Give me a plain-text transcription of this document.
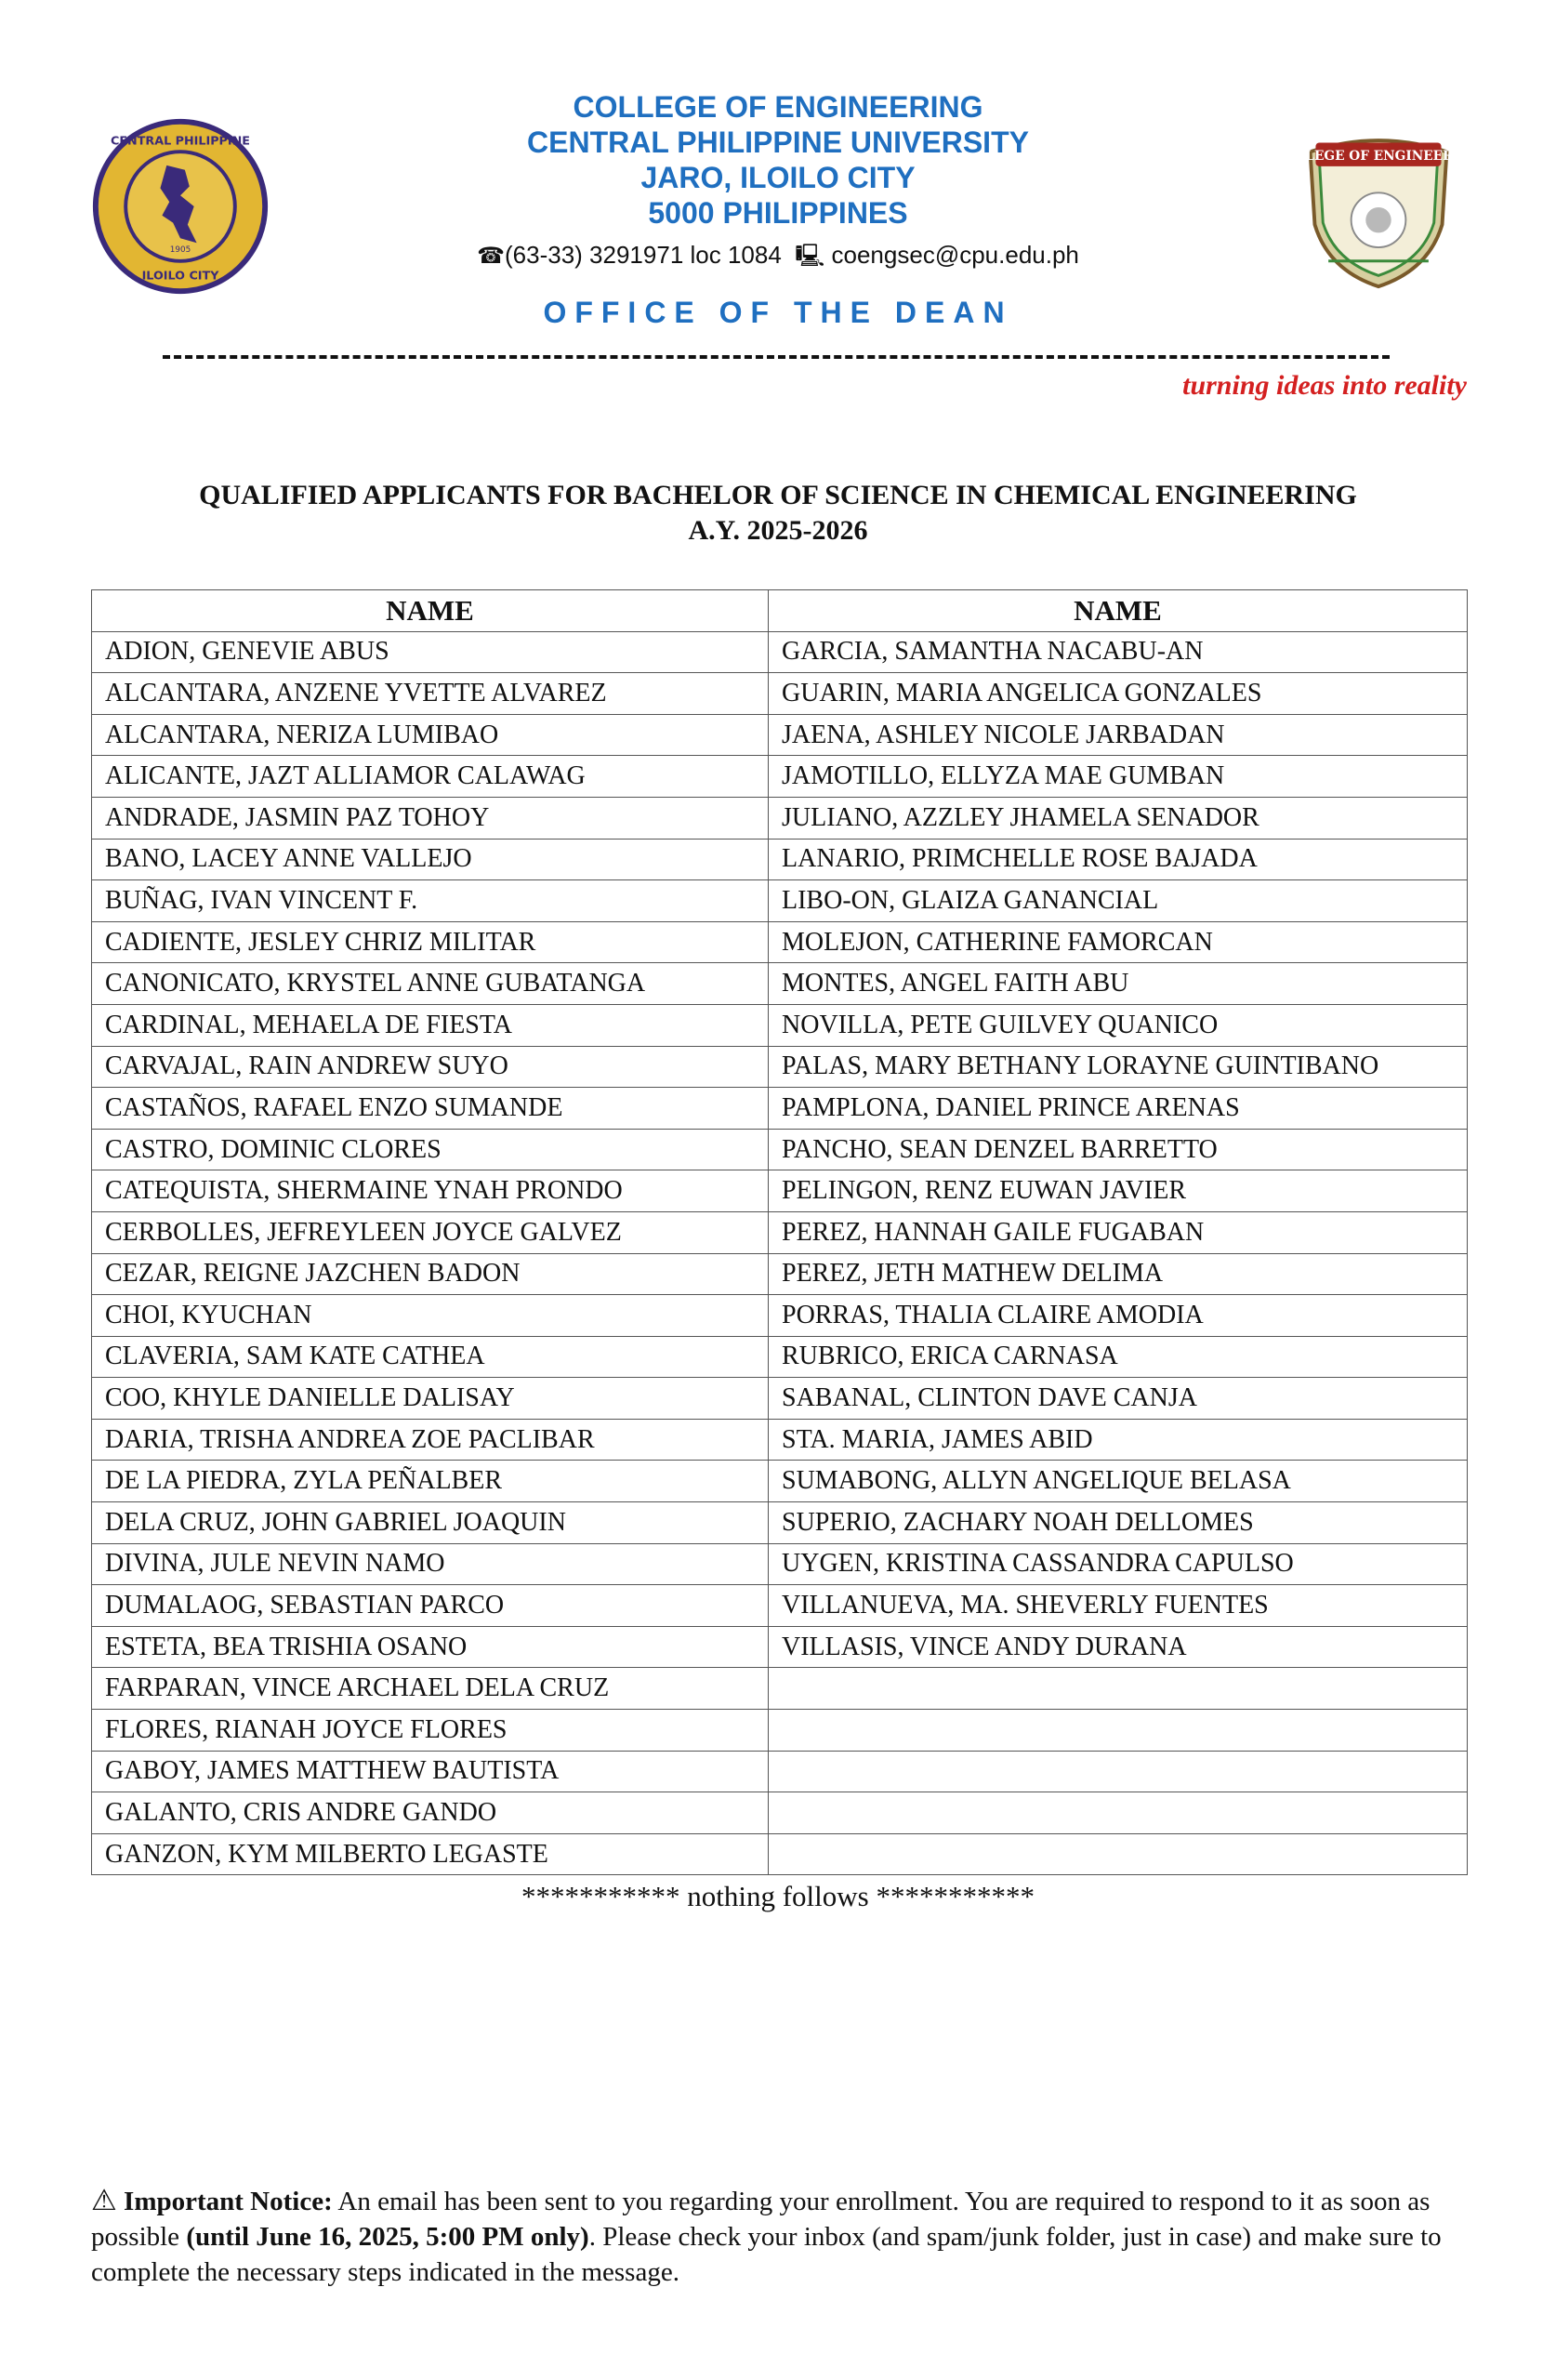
CENTRAL PHILIPPINE
ILOILO CITY
1905
COLLEGE OF ENGINEERING
COLLEGE OF ENGINEERING
CENTRAL PHILIPPINE UNIVERSITY
JARO, ILOILO CITY
5000 PHILIPPINES
☎(63-33) 3291971 loc 1084 🖳 coengsec@cpu.edu.ph
OFFICE OF THE DEAN
turning ideas into reality
QUALIFIED APPLICANTS FOR BACHELOR OF SCIENCE IN CHEMICAL ENGINEERING
A.Y. 2025-2026
NAME	NAME
ADION, GENEVIE ABUS	GARCIA, SAMANTHA NACABU-AN
ALCANTARA, ANZENE YVETTE ALVAREZ	GUARIN, MARIA ANGELICA GONZALES
ALCANTARA, NERIZA LUMIBAO	JAENA, ASHLEY NICOLE JARBADAN
ALICANTE, JAZT ALLIAMOR CALAWAG	JAMOTILLO, ELLYZA MAE GUMBAN
ANDRADE, JASMIN PAZ TOHOY	JULIANO, AZZLEY JHAMELA SENADOR
BANO, LACEY ANNE VALLEJO	LANARIO, PRIMCHELLE ROSE BAJADA
BUÑAG, IVAN VINCENT F.	LIBO-ON, GLAIZA GANANCIAL
CADIENTE, JESLEY CHRIZ MILITAR	MOLEJON, CATHERINE FAMORCAN
CANONICATO, KRYSTEL ANNE GUBATANGA	MONTES, ANGEL FAITH ABU
CARDINAL, MEHAELA DE FIESTA	NOVILLA, PETE GUILVEY QUANICO
CARVAJAL, RAIN ANDREW SUYO	PALAS, MARY BETHANY LORAYNE GUINTIBANO
CASTAÑOS, RAFAEL ENZO SUMANDE	PAMPLONA, DANIEL PRINCE ARENAS
CASTRO, DOMINIC CLORES	PANCHO, SEAN DENZEL BARRETTO
CATEQUISTA, SHERMAINE YNAH PRONDO	PELINGON, RENZ EUWAN JAVIER
CERBOLLES, JEFREYLEEN JOYCE GALVEZ	PEREZ, HANNAH GAILE FUGABAN
CEZAR, REIGNE JAZCHEN BADON	PEREZ, JETH MATHEW DELIMA
CHOI, KYUCHAN	PORRAS, THALIA CLAIRE AMODIA
CLAVERIA, SAM KATE CATHEA	RUBRICO, ERICA CARNASA
COO, KHYLE DANIELLE DALISAY	SABANAL, CLINTON DAVE CANJA
DARIA, TRISHA ANDREA ZOE PACLIBAR	STA. MARIA, JAMES ABID
DE LA PIEDRA, ZYLA PEÑALBER	SUMABONG, ALLYN ANGELIQUE BELASA
DELA CRUZ, JOHN GABRIEL JOAQUIN	SUPERIO, ZACHARY NOAH DELLOMES
DIVINA, JULE NEVIN NAMO	UYGEN, KRISTINA CASSANDRA CAPULSO
DUMALAOG, SEBASTIAN PARCO	VILLANUEVA, MA. SHEVERLY FUENTES
ESTETA, BEA TRISHIA OSANO	VILLASIS, VINCE ANDY DURANA
FARPARAN, VINCE ARCHAEL DELA CRUZ	
FLORES, RIANAH JOYCE FLORES	
GABOY, JAMES MATTHEW BAUTISTA	
GALANTO, CRIS ANDRE GANDO	
GANZON, KYM MILBERTO LEGASTE	
*********** nothing follows ***********
⚠ Important Notice: An email has been sent to you regarding your enrollment. You are required to respond to it as soon as possible (until June 16, 2025, 5:00 PM only). Please check your inbox (and spam/junk folder, just in case) and make sure to complete the necessary steps indicated in the message.
